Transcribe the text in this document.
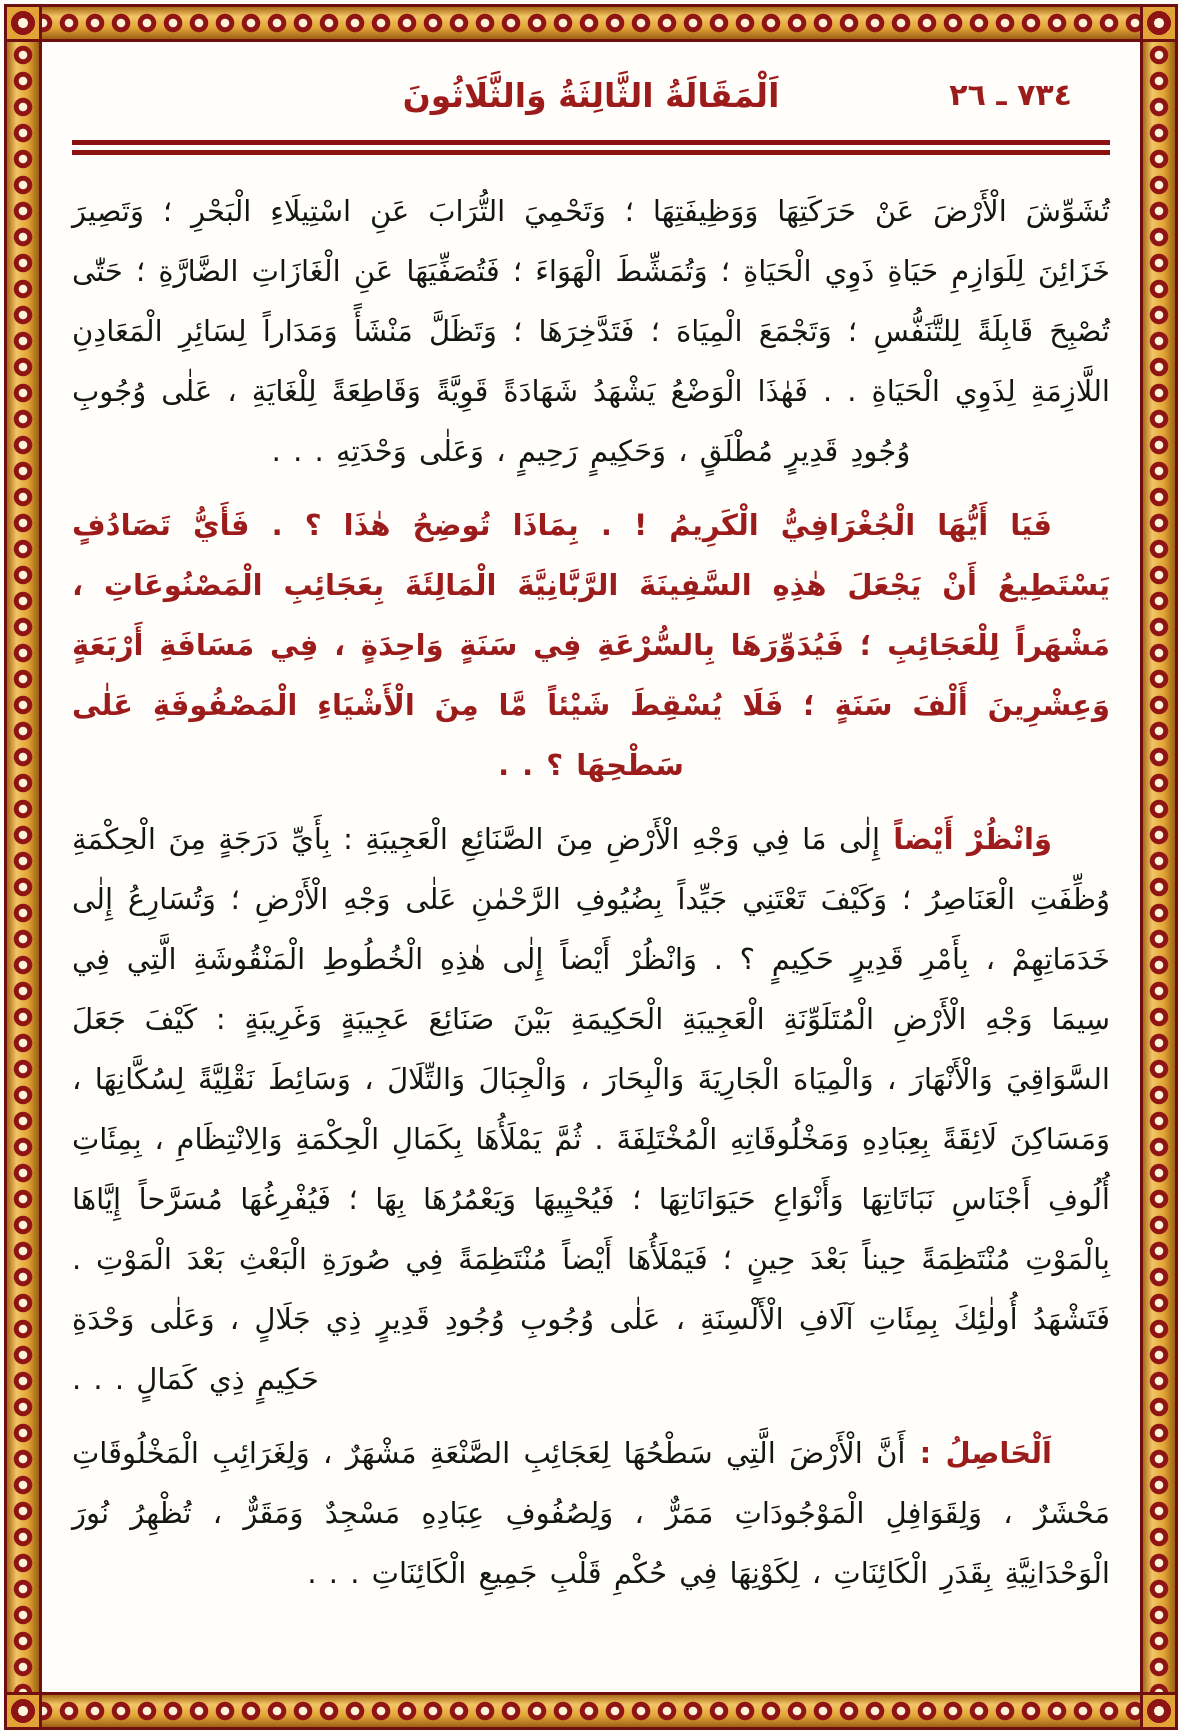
٧٣٤ ـ ٢٦
اَلْمَقَالَةُ الثَّالِثَةُ وَالثَّلَاثُونَ

تُشَوِّشَ الْأَرْضَ عَنْ حَرَكَتِهَا وَوَظِيفَتِهَا ؛ وَتَحْمِيَ التُّرَابَ عَنِ اسْتِيلَاءِ الْبَحْرِ ؛ وَتَصِيرَ خَزَائِنَ لِلَوَازِمِ حَيَاةِ ذَوِي الْحَيَاةِ ؛ وَتُمَشِّطَ الْهَوَاءَ ؛ فَتُصَفِّيَهَا عَنِ الْغَازَاتِ الضَّارَّةِ ؛ حَتّٰى تُصْبِحَ قَابِلَةً لِلتَّنَفُّسِ ؛ وَتَجْمَعَ الْمِيَاهَ ؛ فَتَدَّخِرَهَا ؛ وَتَظَلَّ مَنْشَأً وَمَدَاراً لِسَائِرِ الْمَعَادِنِ اللَّازِمَةِ لِذَوِي الْحَيَاةِ . . فَهٰذَا الْوَضْعُ يَشْهَدُ شَهَادَةً قَوِيَّةً وَقَاطِعَةً لِلْغَايَةِ ، عَلٰى وُجُوبِ وُجُودِ قَدِيرٍ مُطْلَقٍ ، وَحَكِيمٍ رَحِيمٍ ، وَعَلٰى وَحْدَتِهِ . . .

فَيَا أَيُّهَا الْجُغْرَافِيُّ الْكَرِيمُ ! . بِمَاذَا تُوضِحُ هٰذَا ؟ . فَأَيُّ تَصَادُفٍ يَسْتَطِيعُ أَنْ يَجْعَلَ هٰذِهِ السَّفِينَةَ الرَّبَّانِيَّةَ الْمَالِئَةَ بِعَجَائِبِ الْمَصْنُوعَاتِ ، مَشْهَراً لِلْعَجَائِبِ ؛ فَيُدَوِّرَهَا بِالسُّرْعَةِ فِي سَنَةٍ وَاحِدَةٍ ، فِي مَسَافَةِ أَرْبَعَةٍ وَعِشْرِينَ أَلْفَ سَنَةٍ ؛ فَلَا يُسْقِطَ شَيْئاً مَّا مِنَ الْأَشْيَاءِ الْمَصْفُوفَةِ عَلٰى سَطْحِهَا ؟ . .

وَانْظُرْ أَيْضاً إِلٰى مَا فِي وَجْهِ الْأَرْضِ مِنَ الصَّنَائِعِ الْعَجِيبَةِ : بِأَيِّ دَرَجَةٍ مِنَ الْحِكْمَةِ وُظِّفَتِ الْعَنَاصِرُ ؛ وَكَيْفَ تَعْتَنِي جَيِّداً بِضُيُوفِ الرَّحْمٰنِ عَلٰى وَجْهِ الْأَرْضِ ؛ وَتُسَارِعُ إِلٰى خَدَمَاتِهِمْ ، بِأَمْرِ قَدِيرٍ حَكِيمٍ ؟ . وَانْظُرْ أَيْضاً إِلٰى هٰذِهِ الْخُطُوطِ الْمَنْقُوشَةِ الَّتِي فِي سِيمَا وَجْهِ الْأَرْضِ الْمُتَلَوِّنَةِ الْعَجِيبَةِ الْحَكِيمَةِ بَيْنَ صَنَائِعَ عَجِيبَةٍ وَغَرِيبَةٍ : كَيْفَ جَعَلَ السَّوَاقِيَ وَالْأَنْهَارَ ، وَالْمِيَاهَ الْجَارِيَةَ وَالْبِحَارَ ، وَالْجِبَالَ وَالتِّلَالَ ، وَسَائِطَ نَقْلِيَّةً لِسُكَّانِهَا ، وَمَسَاكِنَ لَائِقَةً بِعِبَادِهِ وَمَخْلُوقَاتِهِ الْمُخْتَلِفَةَ . ثُمَّ يَمْلَأُهَا بِكَمَالِ الْحِكْمَةِ وَالِانْتِظَامِ ، بِمِئَاتِ أُلُوفِ أَجْنَاسِ نَبَاتَاتِهَا وَأَنْوَاعِ حَيَوَانَاتِهَا ؛ فَيُحْيِيهَا وَيَعْمُرُهَا بِهَا ؛ فَيُفْرِغُهَا مُسَرَّحاً إِيَّاهَا بِالْمَوْتِ مُنْتَظِمَةً حِيناً بَعْدَ حِينٍ ؛ فَيَمْلَأُهَا أَيْضاً مُنْتَظِمَةً فِي صُورَةِ الْبَعْثِ بَعْدَ الْمَوْتِ . فَتَشْهَدُ أُولٰئِكَ بِمِئَاتِ آلَافِ الْأَلْسِنَةِ ، عَلٰى وُجُوبِ وُجُودِ قَدِيرٍ ذِي جَلَالٍ ، وَعَلٰى وَحْدَةِ حَكِيمٍ ذِي كَمَالٍ . . .

اَلْحَاصِلُ : أَنَّ الْأَرْضَ الَّتِي سَطْحُهَا لِعَجَائِبِ الصَّنْعَةِ مَشْهَرٌ ، وَلِغَرَائِبِ الْمَخْلُوقَاتِ مَحْشَرٌ ، وَلِقَوَافِلِ الْمَوْجُودَاتِ مَمَرٌّ ، وَلِصُفُوفِ عِبَادِهِ مَسْجِدٌ وَمَقَرٌّ ، تُظْهِرُ نُورَ الْوَحْدَانِيَّةِ بِقَدَرِ الْكَائِنَاتِ ، لِكَوْنِهَا فِي حُكْمِ قَلْبِ جَمِيعِ الْكَائِنَاتِ . . .
